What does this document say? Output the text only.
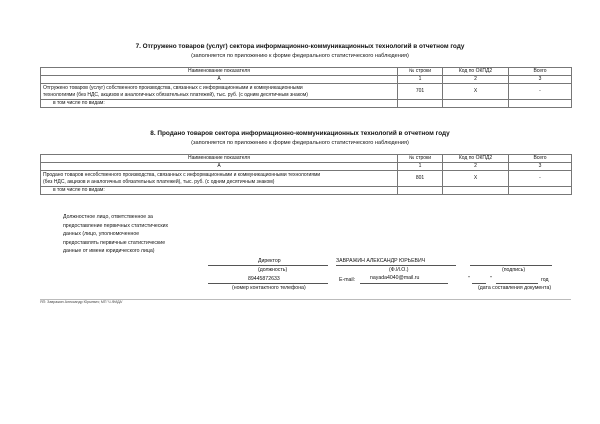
7. Отгружено товаров (услуг) сектора информационно-коммуникационных технологий в отчетном году
(заполняется по приложению к форме федерального статистического наблюдения)
Наименование показателя	№ строки	Код по ОКПД2	Всего
А	1	2	3

Отгружено товаров (услуг) собственного производства, связанных с информационными и коммуникационными
технологиями (без НДС, акцизов и аналогичных обязательных платежей), тыс. руб. (с одним десятичным знаком)	701	X	-
в том числе по видам:			
8. Продано товаров сектора информационно-коммуникационных технологий в отчетном году
(заполняется по приложению к форме федерального статистического наблюдения)
Наименование показателя	№ строки	Код по ОКПД2	Всего
А	1	2	3

Продано товаров несобственного производства, связанных с информационными и коммуникационными технологиями
(без НДС, акцизов и аналогичных обязательных платежей), тыс. руб. (с одним десятичным знаком)	801	X	-
в том числе по видам:			
Должностное лицо, ответственное за
предоставление первичных статистических
данных (лицо, уполномоченное
предоставлять первичные статистические
данные от имени юридического лица)
Директор
(должность)
ЗАВРАЖИН АЛЕКСАНДР ЮРЬЕВИЧ
(Ф.И.О.)	(подпись)
89445872633
(номер контактного телефона)
E-mail:	nayada4040@mail.ru	"	"	год
(дата составления документа)
ЯП: Завражин Александр Юрьевич; МП 'Ч-ФИДА'
